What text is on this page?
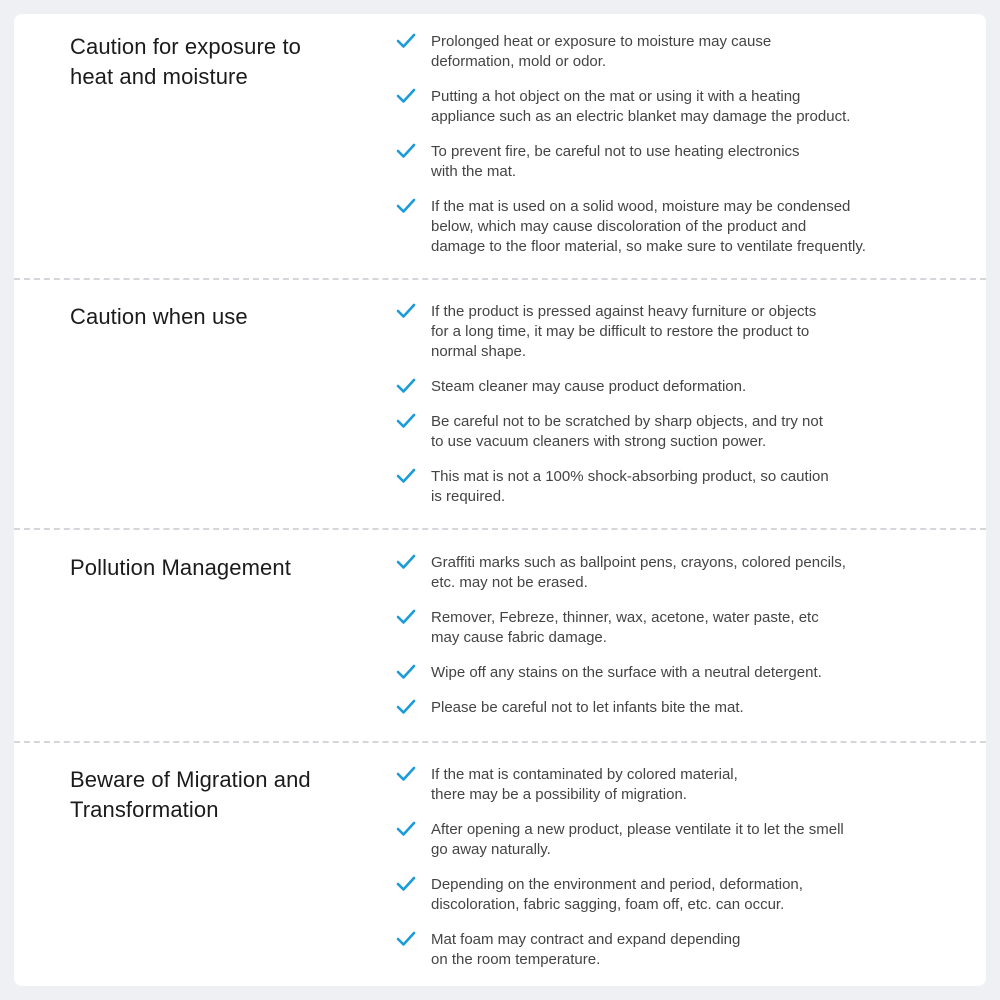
Caution for exposure to
heat and moisture
Prolonged heat or exposure to moisture may cause
deformation, mold or odor.
Putting a hot object on the mat or using it with a heating
appliance such as an electric blanket may damage the product.
To prevent fire, be careful not to use heating electronics
with the mat.
If the mat is used on a solid wood, moisture may be condensed
below, which may cause discoloration of the product and
damage to the floor material, so make sure to ventilate frequently.
Caution when use	If the product is pressed against heavy furniture or objects
for a long time, it may be difficult to restore the product to
normal shape.
Steam cleaner may cause product deformation.
Be careful not to be scratched by sharp objects, and try not
to use vacuum cleaners with strong suction power.
This mat is not a 100% shock-absorbing product, so caution
is required.
Pollution Management	Graffiti marks such as ballpoint pens, crayons, colored pencils,
etc. may not be erased.
Remover, Febreze, thinner, wax, acetone, water paste, etc
may cause fabric damage.
Wipe off any stains on the surface with a neutral detergent.
Please be careful not to let infants bite the mat.
Beware of Migration and
Transformation
If the mat is contaminated by colored material,
there may be a possibility of migration.
After opening a new product, please ventilate it to let the smell
go away naturally.
Depending on the environment and period, deformation,
discoloration, fabric sagging, foam off, etc. can occur.
Mat foam may contract and expand depending
on the room temperature.
